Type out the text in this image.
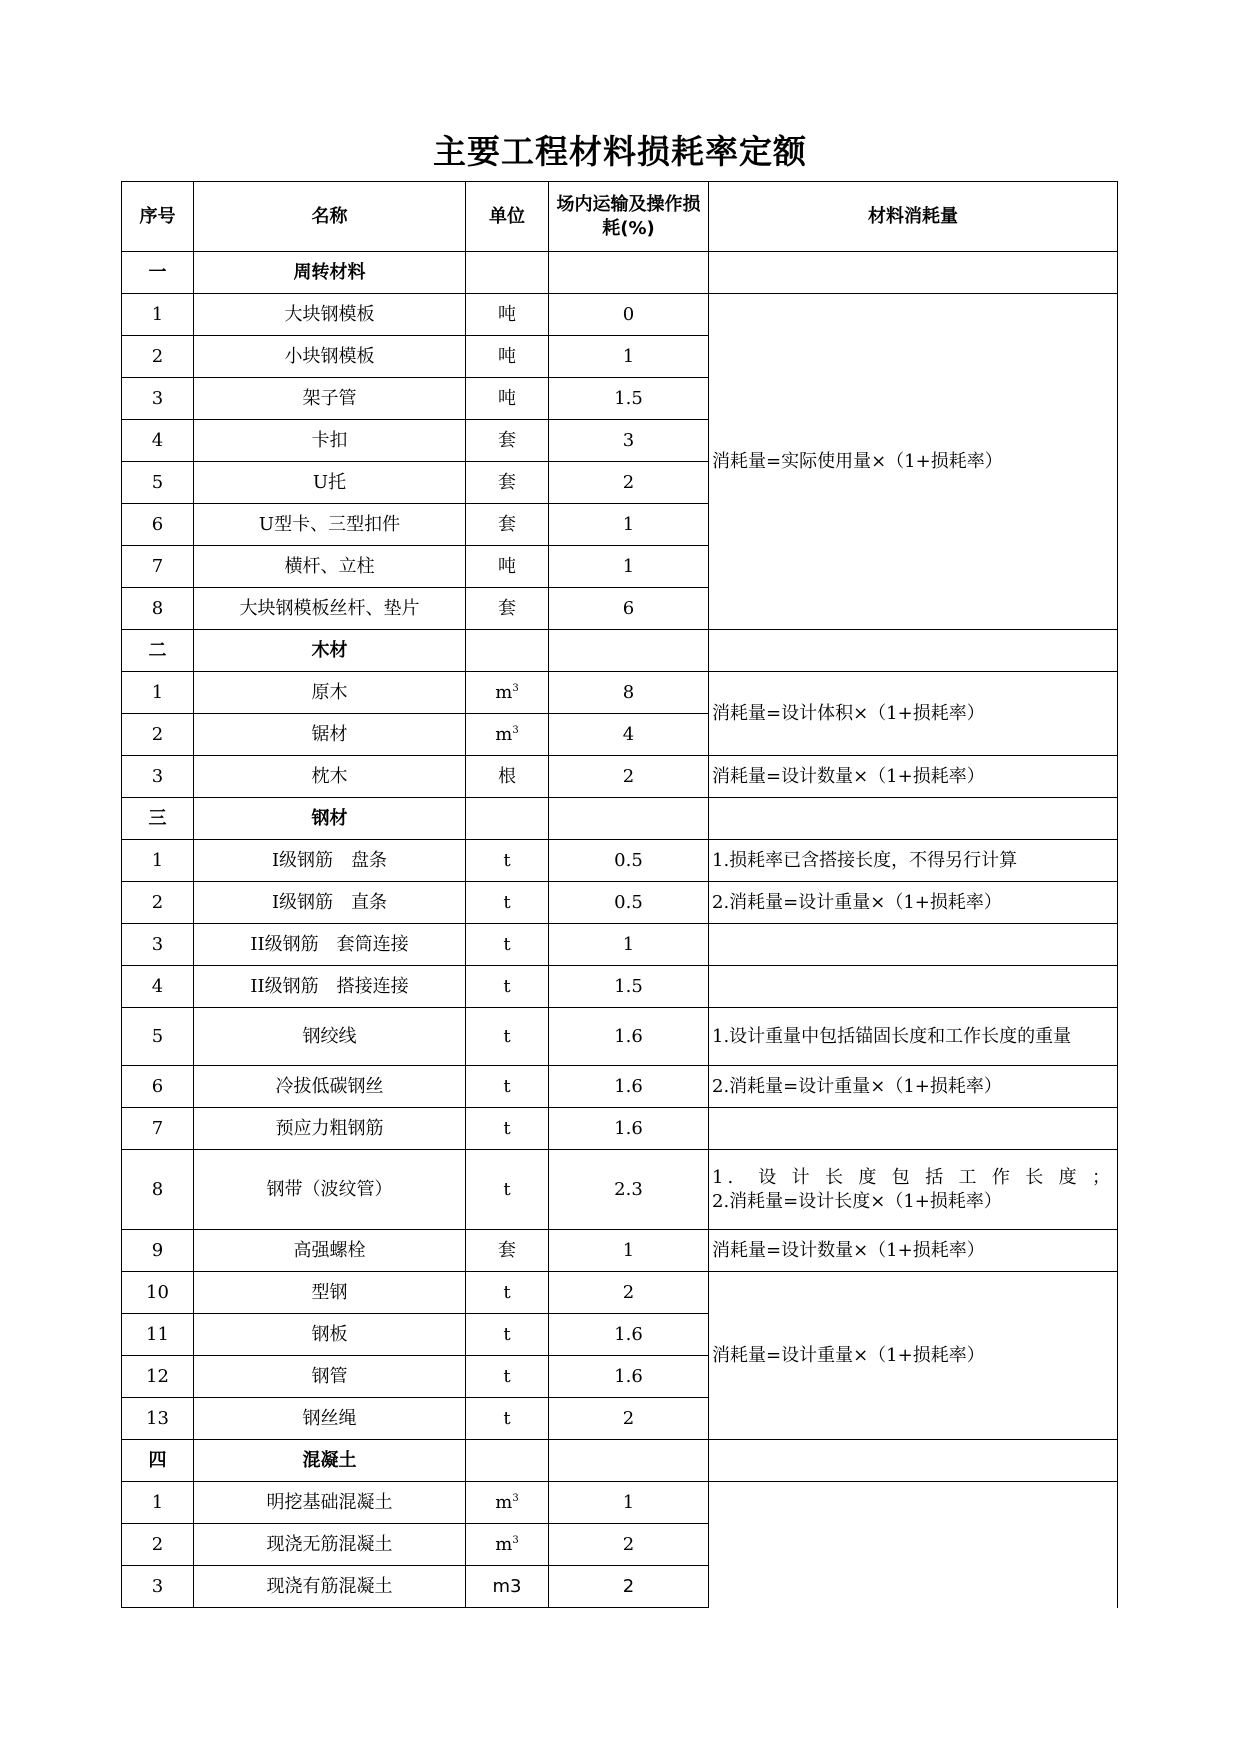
主要工程材料损耗率定额
序号	名称	单位	场内运输及操作损耗(%)	材料消耗量
一	周转材料			
1	大块钢模板	吨	0	消耗量=实际使用量×（1+损耗率）
2	小块钢模板	吨	1	
3	架子管	吨	1.5	
4	卡扣	套	3	
5	U托	套	2	
6	U型卡、三型扣件	套	1	
7	横杆、立柱	吨	1	
8	大块钢模板丝杆、垫片	套	6	
二	木材			
1	原木	$m^3$	8	消耗量=设计体积×（1+损耗率）
2	锯材	$m^3$	4	
3	枕木	根	2	消耗量=设计数量×（1+损耗率）
三	钢材			
1	I级钢筋　盘条	t	0.5	1.损耗率已含搭接长度，不得另行计算
2	I级钢筋　直条	t	0.5	2.消耗量=设计重量×（1+损耗率）
3	II级钢筋　套筒连接	t	1	
4	II级钢筋　搭接连接	t	1.5	
5	钢绞线	t	1.6	1.设计重量中包括锚固长度和工作长度的重量
6	冷拔低碳钢丝	t	1.6	2.消耗量=设计重量×（1+损耗率）
7	预应力粗钢筋	t	1.6	
8	钢带（波纹管）	t	2.3	1. 设计长度包括工作长度；
2.消耗量=设计长度×（1+损耗率）

9	高强螺栓	套	1	消耗量=设计数量×（1+损耗率）
10	型钢	t	2	消耗量=设计重量×（1+损耗率）
11	钢板	t	1.6	
12	钢管	t	1.6	
13	钢丝绳	t	2	
四	混凝土			
1	明挖基础混凝土	$m^3$	1	
2	现浇无筋混凝土	$m^3$	2	
3	现浇有筋混凝土	m3	2	
